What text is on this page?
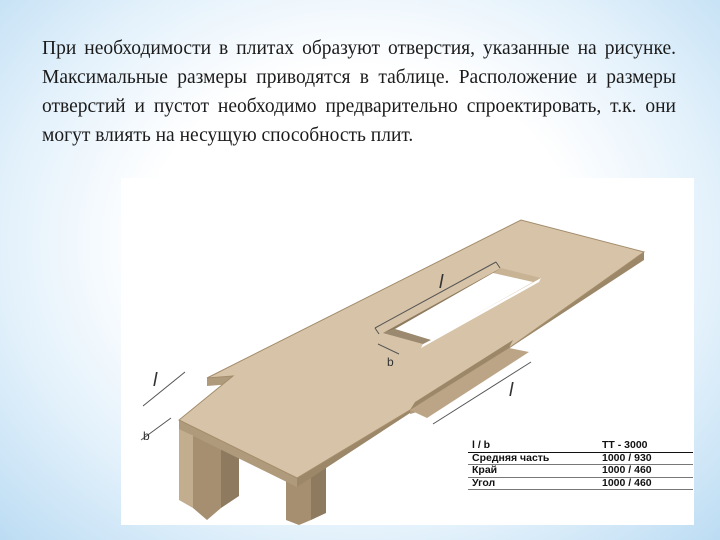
При необходимости в плитах образуют отверстия, указанные на рисунке. Максимальные размеры приводятся в таблице. Расположение и размеры отверстий и пустот необходимо предварительно спроектировать, т.к. они могут влиять на несущую способность плит.

l
b
l
b
l
l / b	TT - 3000
Средняя часть	1000 / 930
Край	1000 / 460
Угол	1000 / 460
